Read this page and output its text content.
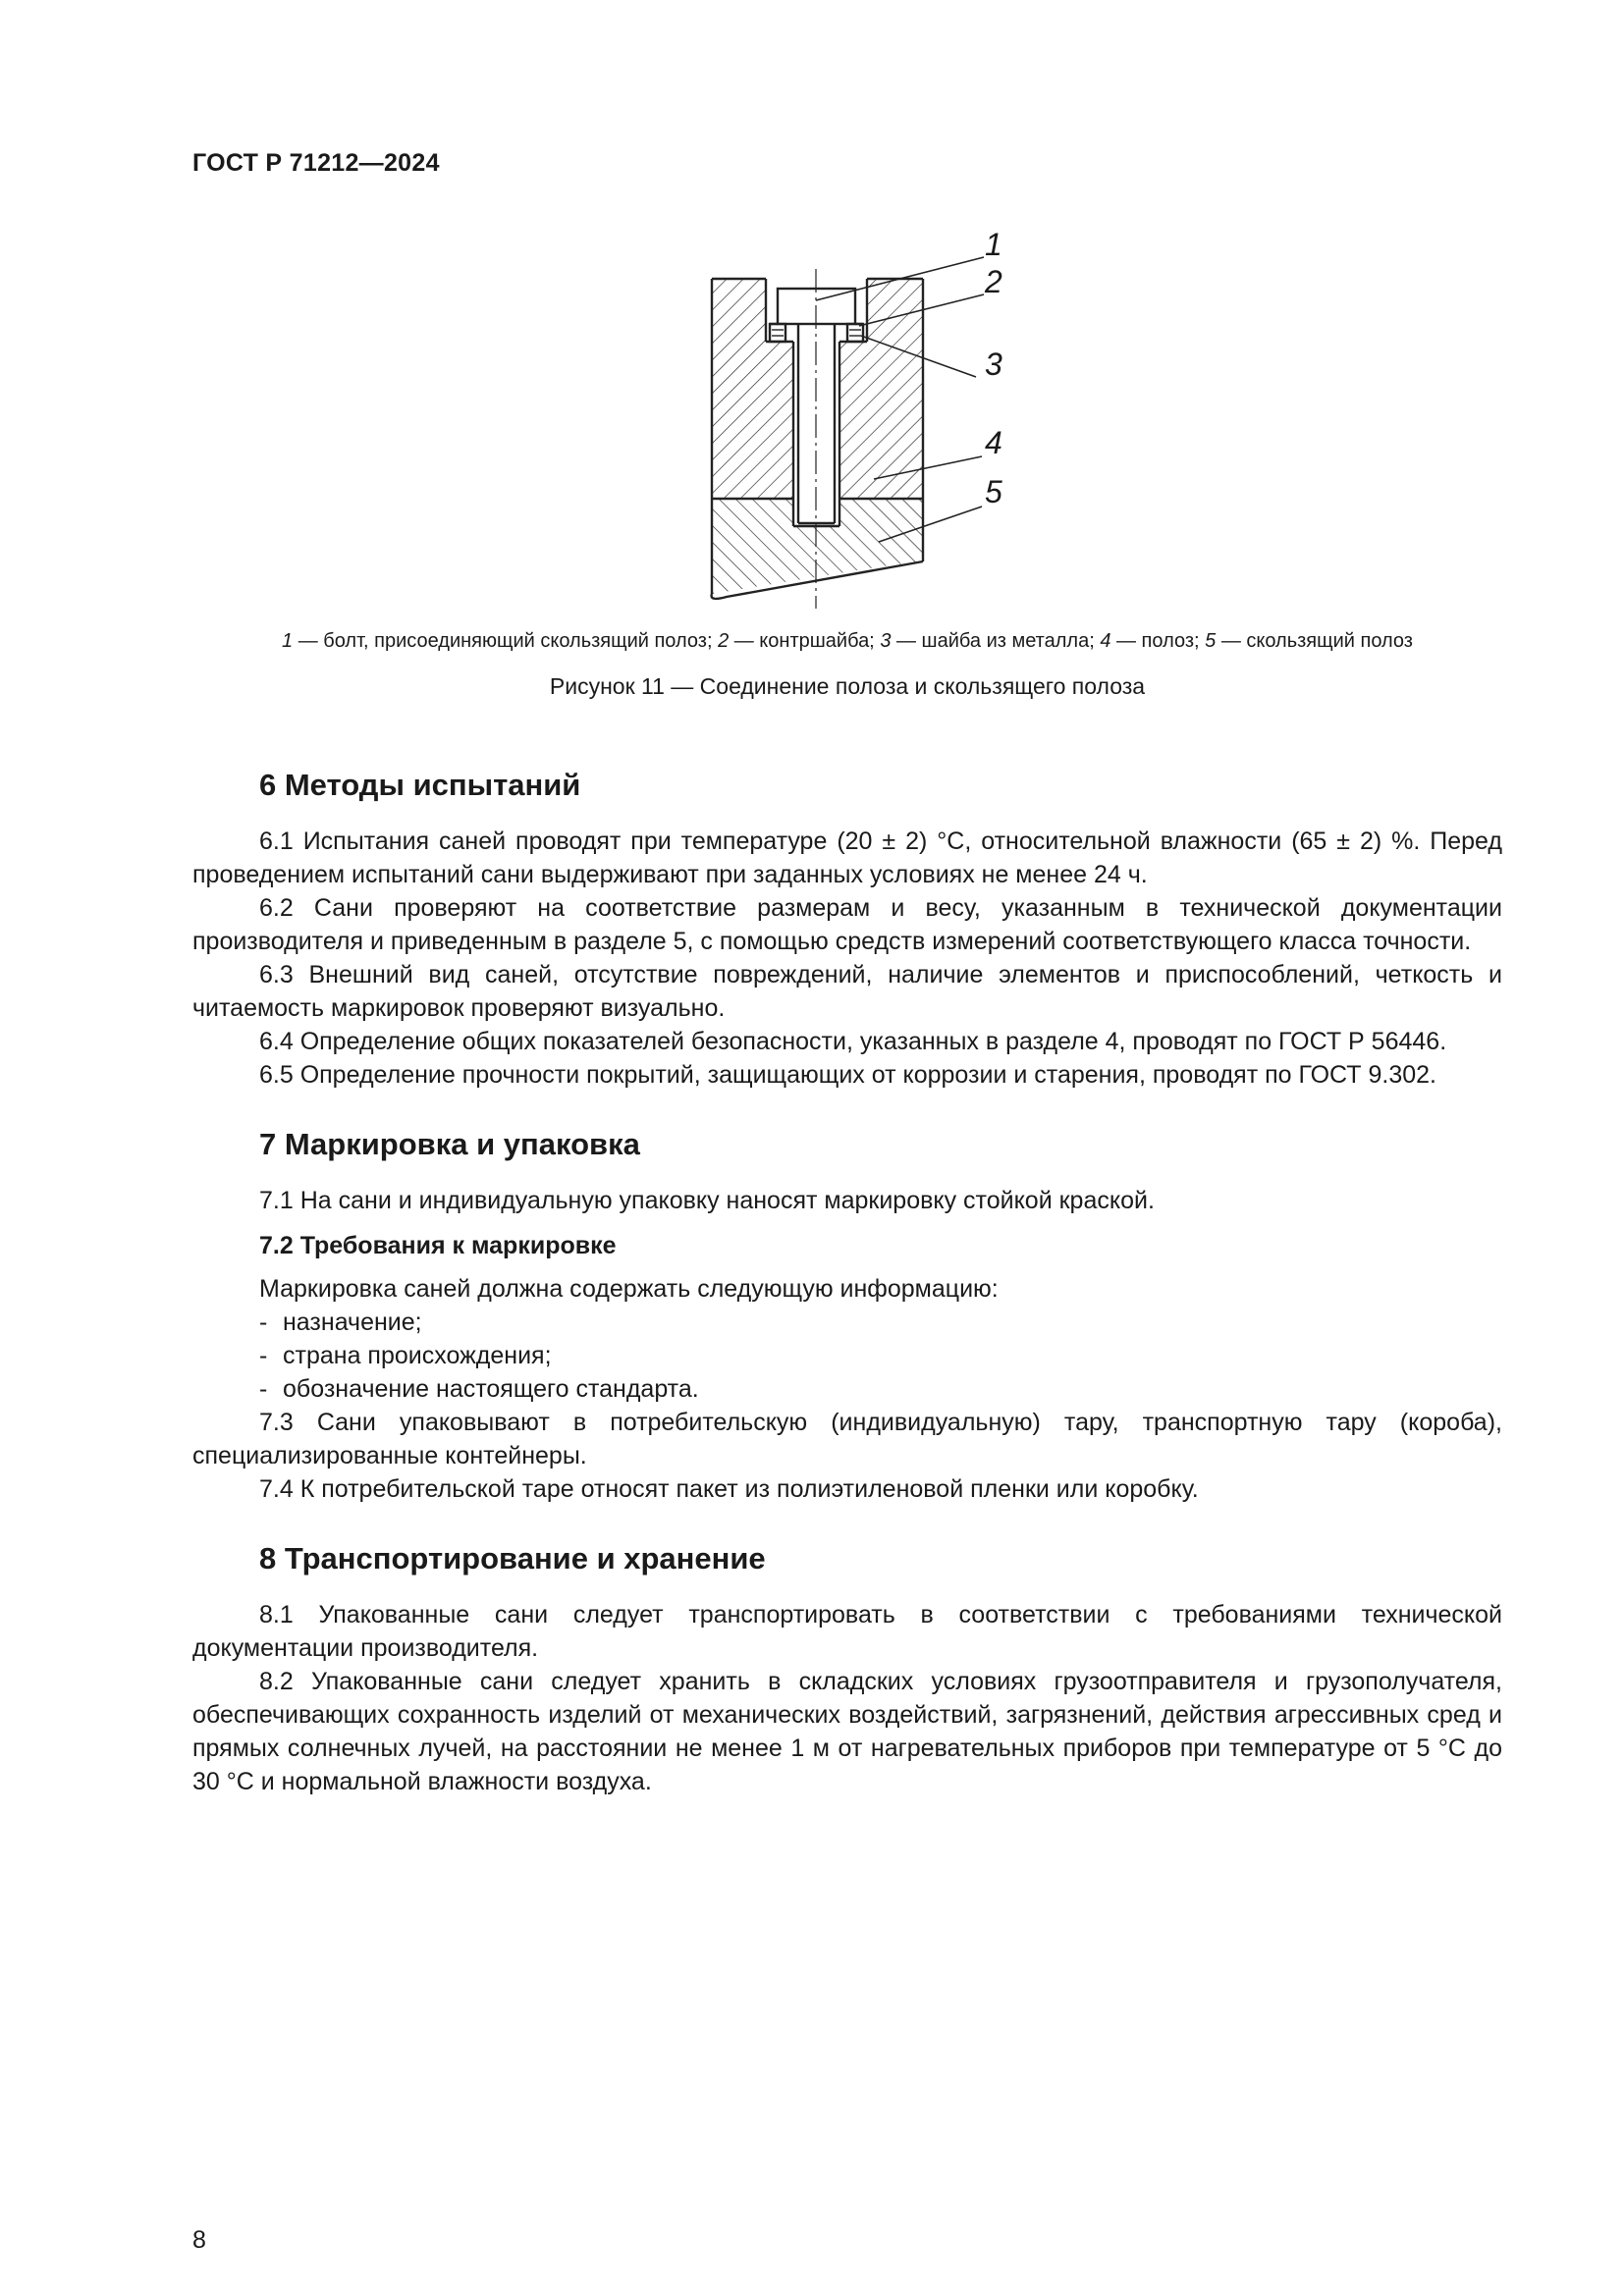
ГОСТ Р 71212—2024
1
2
3
4
5
1 — болт, присоединяющий скользящий полоз; 2 — контршайба; 3 — шайба из металла; 4 — полоз; 5 — скользящий полоз
Рисунок 11 — Соединение полоза и скользящего полоза
6 Методы испытаний

6.1 Испытания саней проводят при температуре (20 ± 2) °С, относительной влажности (65 ± 2) %. Перед проведением испытаний сани выдерживают при заданных условиях не менее 24 ч.

6.2 Сани проверяют на соответствие размерам и весу, указанным в технической документации производителя и приведенным в разделе 5, с помощью средств измерений соответствующего класса точности.

6.3 Внешний вид саней, отсутствие повреждений, наличие элементов и приспособлений, четкость и читаемость маркировок проверяют визуально.

6.4 Определение общих показателей безопасности, указанных в разделе 4, проводят по ГОСТ Р 56446.

6.5 Определение прочности покрытий, защищающих от коррозии и старения, проводят по ГОСТ 9.302.

7 Маркировка и упаковка

7.1 На сани и индивидуальную упаковку наносят маркировку стойкой краской.

7.2 Требования к маркировке

Маркировка саней должна содержать следующую информацию:

- назначение;
- страна происхождения;
- обозначение настоящего стандарта.

7.3 Сани упаковывают в потребительскую (индивидуальную) тару, транспортную тару (короба), специализированные контейнеры.

7.4 К потребительской таре относят пакет из полиэтиленовой пленки или коробку.

8 Транспортирование и хранение

8.1 Упакованные сани следует транспортировать в соответствии с требованиями технической документации производителя.

8.2 Упакованные сани следует хранить в складских условиях грузоотправителя и грузополучателя, обеспечивающих сохранность изделий от механических воздействий, загрязнений, действия агрессивных сред и прямых солнечных лучей, на расстоянии не менее 1 м от нагревательных приборов при температуре от 5 °С до 30 °С и нормальной влажности воздуха.

8
